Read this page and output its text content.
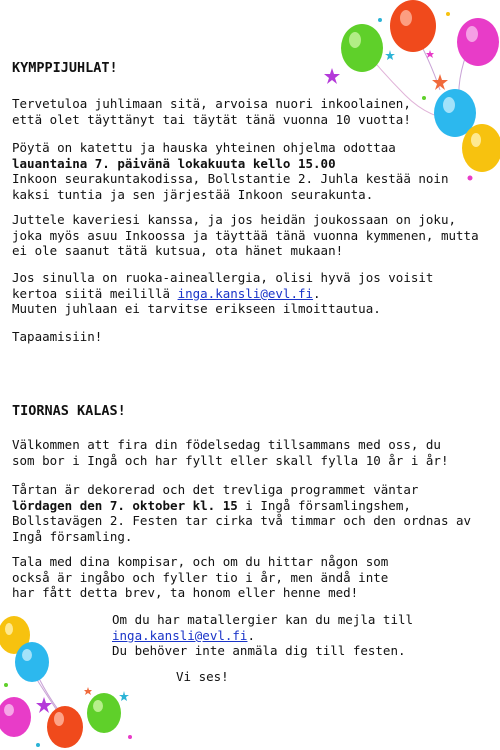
KYMPPIJUHLAT!

Tervetuloa juhlimaan sitä, arvoisa nuori inkoolainen, että olet täyttänyt tai täytät tänä vuonna 10 vuotta!

Pöytä on katettu ja hauska yhteinen ohjelma odottaa
lauantaina 7. päivänä lokakuuta kello 15.00
Inkoon seurakuntakodissa, Bollstantie 2. Juhla kestää noin kaksi tuntia ja sen järjestää Inkoon seurakunta.

Juttele kaveriesi kanssa, ja jos heidän joukossaan on joku, joka myös asuu Inkoossa ja täyttää tänä vuonna kymmenen, mutta ei ole saanut tätä kutsua, ota hänet mukaan!

Jos sinulla on ruoka-aineallergia, olisi hyvä jos voisit kertoa siitä meilillä inga.kansli@evl.fi.
Muuten juhlaan ei tarvitse erikseen ilmoittautua.

Tapaamisiin!

TIORNAS KALAS!

Välkommen att fira din födelsedag tillsammans med oss, du som bor i Ingå och har fyllt eller skall fylla 10 år i år!

Tårtan är dekorerad och det trevliga programmet väntar
lördagen den 7. oktober kl. 15 i Ingå församlingshem, Bollstavägen 2. Festen tar cirka två timmar och den ordnas av Ingå församling.

Tala med dina kompisar, och om du hittar någon som också är ingåbo och fyller tio i år, men ändå inte har fått detta brev, ta honom eller henne med!

Om du har matallergier kan du mejla till
inga.kansli@evl.fi.
Du behöver inte anmäla dig till festen.

Vi ses!
